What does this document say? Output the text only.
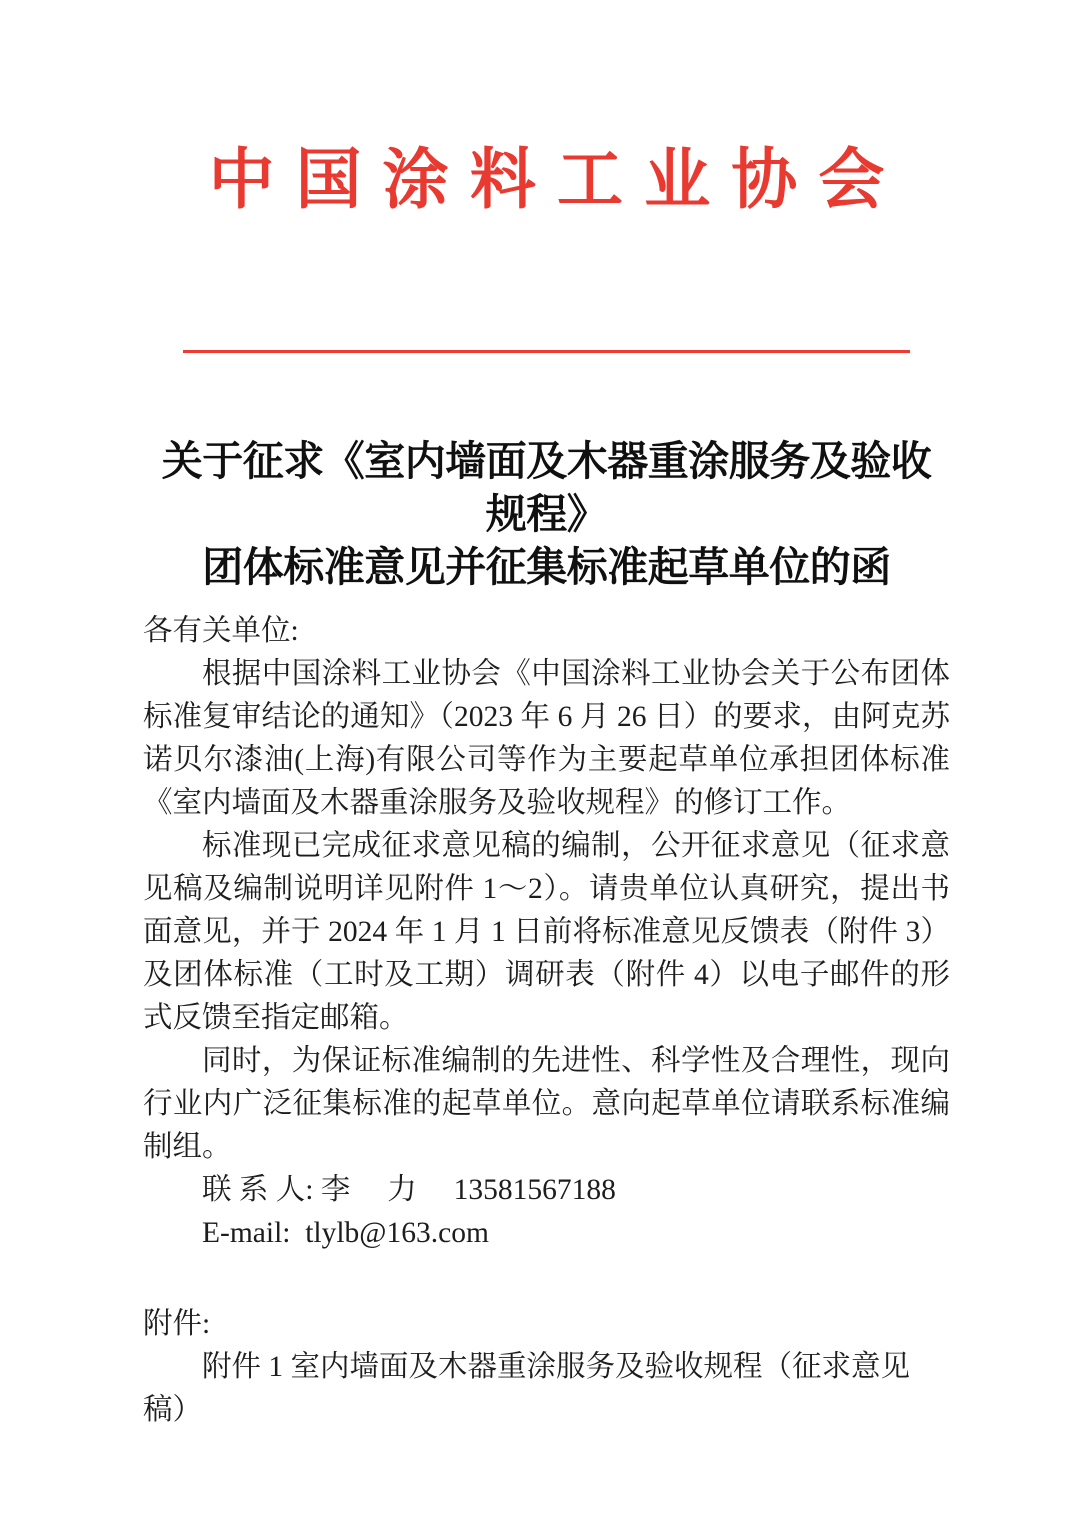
中国涂料工业协会
关于征求《室内墙面及木器重涂服务及验收规程》
团体标准意见并征集标准起草单位的函

各有关单位:

根据中国涂料工业协会《中国涂料工业协会关于公布团体标准复审结论的通知》（2023 年 6 月 26 日）的要求，由阿克苏诺贝尔漆油(上海)有限公司等作为主要起草单位承担团体标准《室内墙面及木器重涂服务及验收规程》的修订工作。

标准现已完成征求意见稿的编制，公开征求意见（征求意见稿及编制说明详见附件 1～2）。请贵单位认真研究，提出书面意见，并于 2024 年 1 月 1 日前将标准意见反馈表（附件 3）及团体标准（工时及工期）调研表（附件 4）以电子邮件的形式反馈至指定邮箱。

同时，为保证标准编制的先进性、科学性及合理性，现向行业内广泛征集标准的起草单位。意向起草单位请联系标准编制组。

联 系 人: 李　 力　 13581567188

E-mail:  tlylb@163.com

附件:

附件 1 室内墙面及木器重涂服务及验收规程（征求意见稿）
